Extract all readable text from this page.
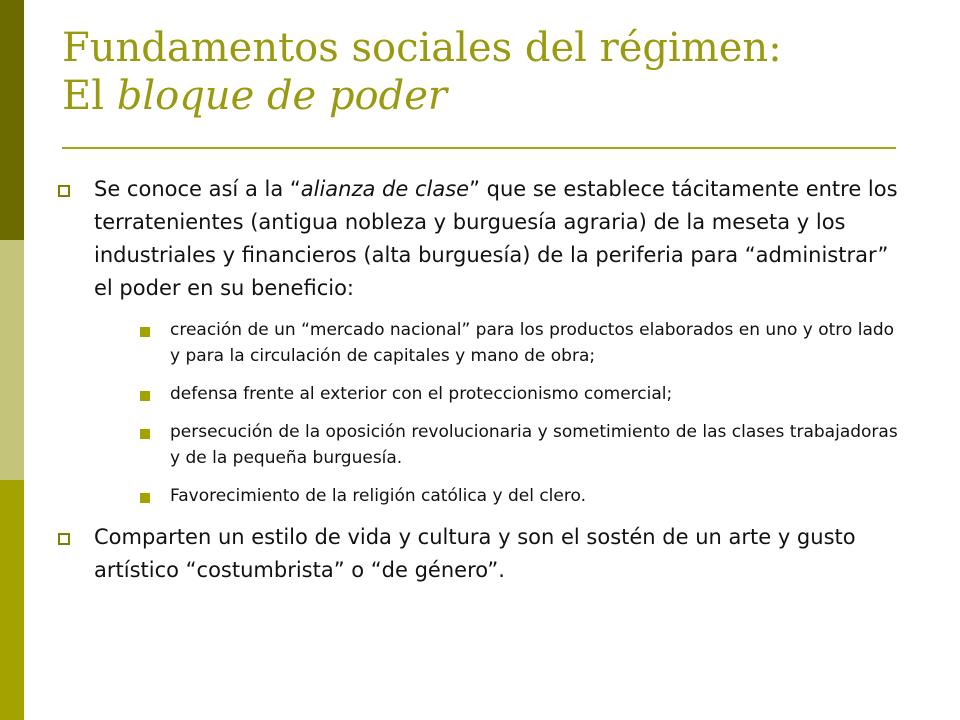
Fundamentos sociales del régimen:
El bloque de poder
Se conoce así a la “alianza de clase” que se establece tácitamente entre los terratenientes (antigua nobleza y burguesía agraria) de la meseta y los industriales y financieros (alta burguesía) de la periferia para “administrar” el poder en su beneficio:
creación de un “mercado nacional” para los productos elaborados en uno y otro lado y para la circulación de capitales y mano de obra;
defensa frente al exterior con el proteccionismo comercial;
persecución de la oposición revolucionaria y sometimiento de las clases trabajadoras y de la pequeña burguesía.
Favorecimiento de la religión católica y del clero.
Comparten un estilo de vida y cultura y son el sostén de un arte y gusto artístico “costumbrista” o “de género”.
